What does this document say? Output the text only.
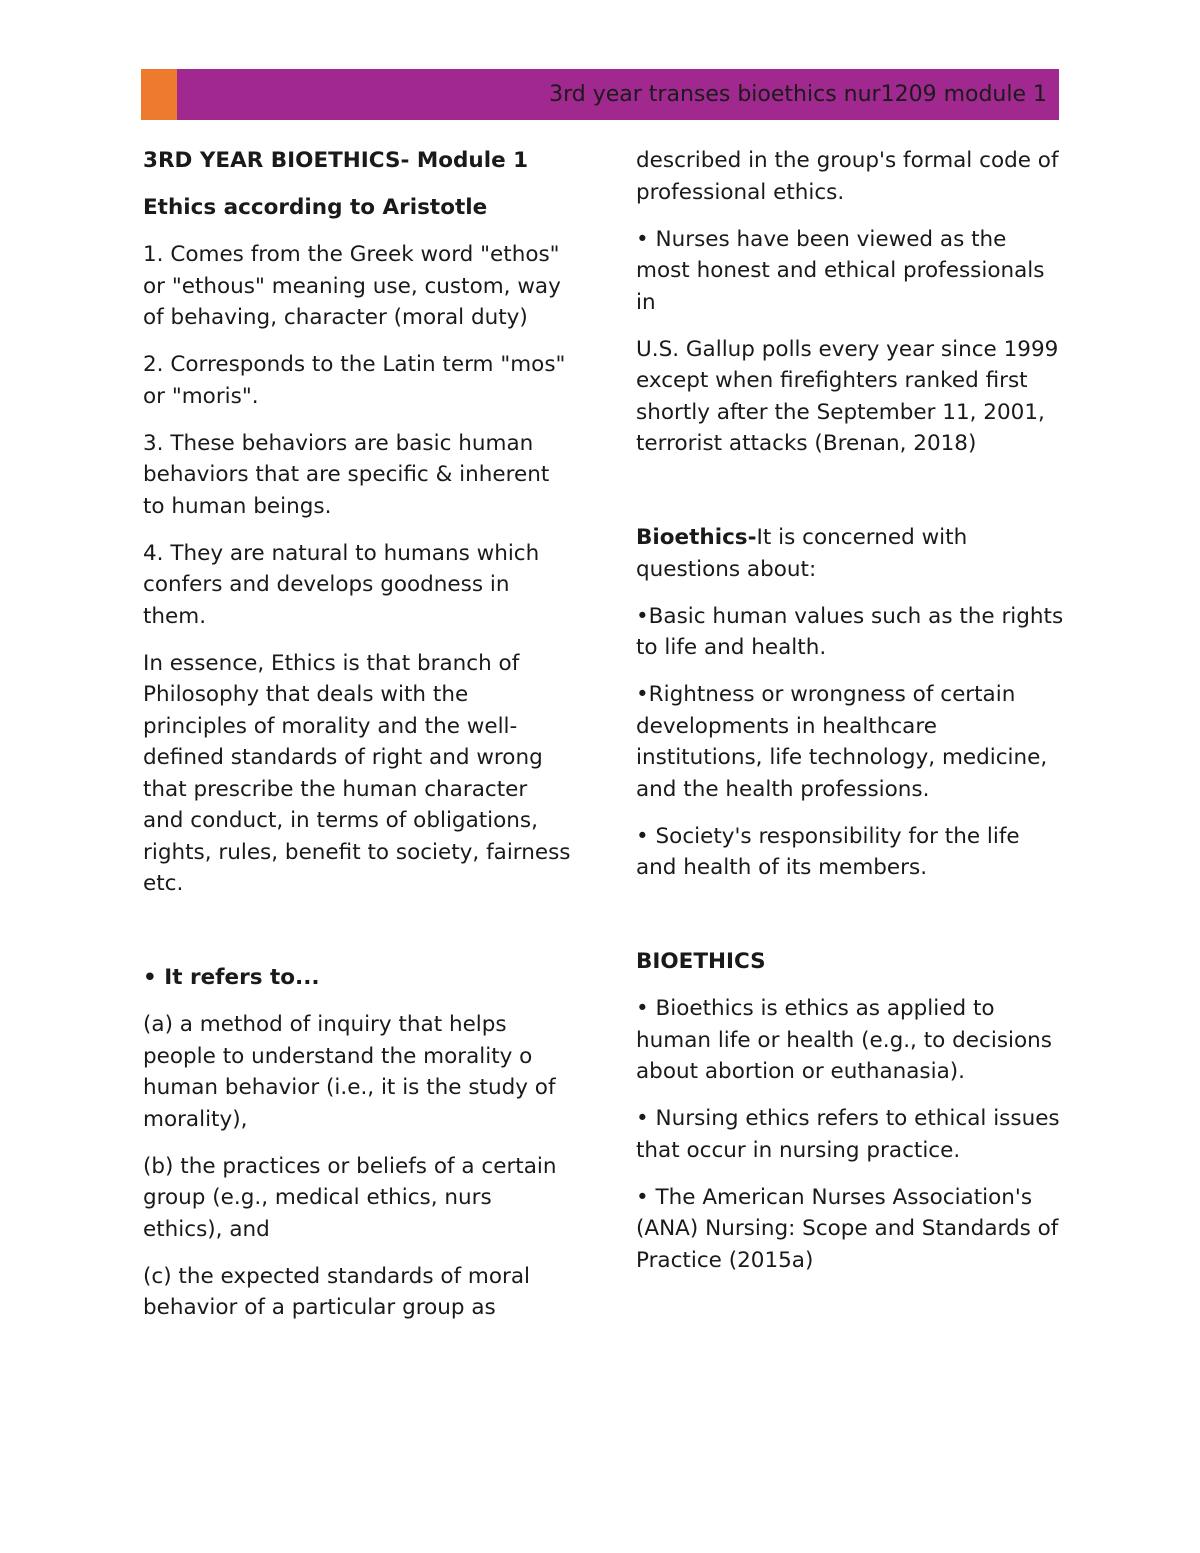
3rd year transes bioethics nur1209 module 1

3RD YEAR BIOETHICS- Module 1

Ethics according to Aristotle

1. Comes from the Greek word "ethos" or "ethous" meaning use, custom, way of behaving, character (moral duty)

2. Corresponds to the Latin term "mos" or "moris".

3. These behaviors are basic human behaviors that are specific & inherent to human beings.

4. They are natural to humans which confers and develops goodness in them.

In essence, Ethics is that branch of Philosophy that deals with the principles of morality and the well-defined standards of right and wrong that prescribe the human character and conduct, in terms of obligations, rights, rules, benefit to society, fairness etc.

• It refers to...

(a) a method of inquiry that helps people to understand the morality o human behavior (i.e., it is the study of morality),

(b) the practices or beliefs of a certain group (e.g., medical ethics, nurs ethics), and

(c) the expected standards of moral behavior of a particular group as

described in the group's formal code of professional ethics.

• Nurses have been viewed as the most honest and ethical professionals in

U.S. Gallup polls every year since 1999 except when firefighters ranked first shortly after the September 11, 2001, terrorist attacks (Brenan, 2018)

Bioethics-It is concerned with questions about:

•Basic human values such as the rights to life and health.

•Rightness or wrongness of certain developments in healthcare institutions, life technology, medicine, and the health professions.

• Society's responsibility for the life and health of its members.

BIOETHICS

• Bioethics is ethics as applied to human life or health (e.g., to decisions about abortion or euthanasia).

• Nursing ethics refers to ethical issues that occur in nursing practice.

• The American Nurses Association's (ANA) Nursing: Scope and Standards of Practice (2015a)
